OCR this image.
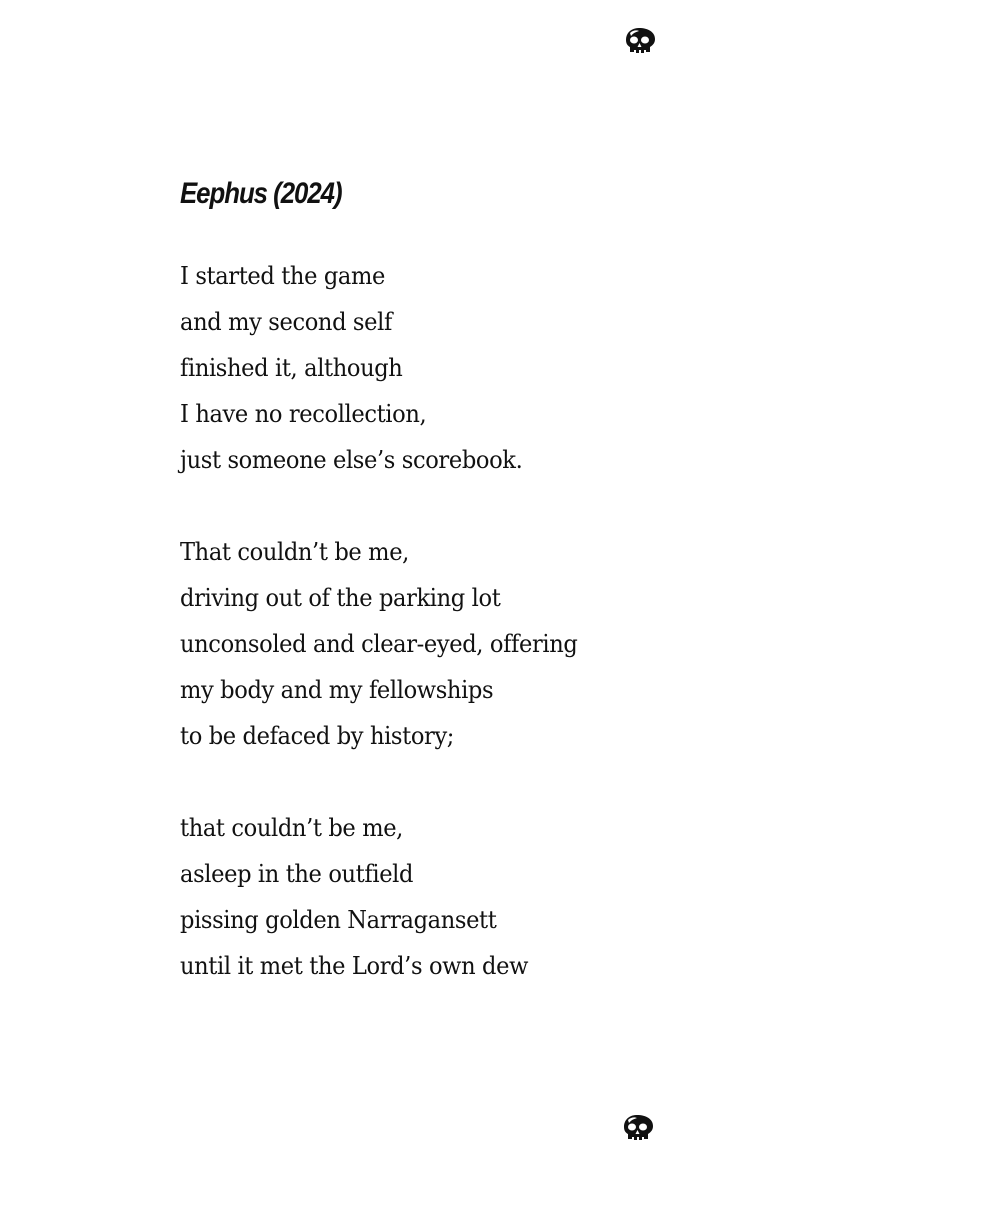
Eephus (2024)
I started the game
and my second self
finished it, although
I have no recollection,
just someone else’s scorebook.
That couldn’t be me,
driving out of the parking lot
unconsoled and clear-eyed, offering
my body and my fellowships
to be defaced by history;
that couldn’t be me,
asleep in the outfield
pissing golden Narragansett
until it met the Lord’s own dew
